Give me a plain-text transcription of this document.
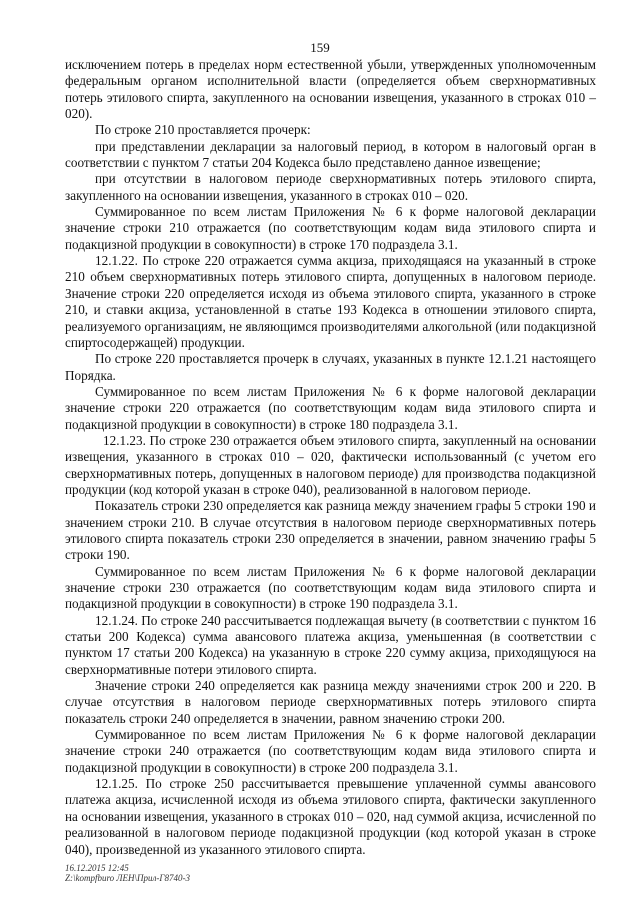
159

исключением потерь в пределах норм естественной убыли, утвержденных уполномоченным федеральным органом исполнительной власти (определяется объем сверхнормативных потерь этилового спирта, закупленного на основании извещения, указанного в строках 010 – 020).

По строке 210 проставляется прочерк:

при представлении декларации за налоговый период, в котором в налоговый орган в соответствии с пунктом 7 статьи 204 Кодекса было представлено данное извещение;

при отсутствии в налоговом периоде сверхнормативных потерь этилового спирта, закупленного на основании извещения, указанного в строках 010 – 020.

Суммированное по всем листам Приложения № 6 к форме налоговой декларации значение строки 210 отражается (по соответствующим кодам вида этилового спирта и подакцизной продукции в совокупности) в строке 170 подраздела 3.1.

12.1.22. По строке 220 отражается сумма акциза, приходящаяся на указанный в строке 210 объем сверхнормативных потерь этилового спирта, допущенных в налоговом периоде. Значение строки 220 определяется исходя из объема этилового спирта, указанного в строке 210, и ставки акциза, установленной в статье 193 Кодекса в отношении этилового спирта, реализуемого организациям, не являющимся производителями алкогольной (или подакцизной спиртосодержащей) продукции.

По строке 220 проставляется прочерк в случаях, указанных в пункте 12.1.21 настоящего Порядка.

Суммированное по всем листам Приложения № 6 к форме налоговой декларации значение строки 220 отражается (по соответствующим кодам вида этилового спирта и подакцизной продукции в совокупности) в строке 180 подраздела 3.1.

12.1.23. По строке 230 отражается объем этилового спирта, закупленный на основании извещения, указанного в строках 010 – 020, фактически использованный (с учетом его сверхнормативных потерь, допущенных в налоговом периоде) для производства подакцизной продукции (код которой указан в строке 040), реализованной в налоговом периоде.

Показатель строки 230 определяется как разница между значением графы 5 строки 190 и значением строки 210. В случае отсутствия в налоговом периоде сверхнормативных потерь этилового спирта показатель строки 230 определяется в значении, равном значению графы 5 строки 190.

Суммированное по всем листам Приложения № 6 к форме налоговой декларации значение строки 230 отражается (по соответствующим кодам вида этилового спирта и подакцизной продукции в совокупности) в строке 190 подраздела 3.1.

12.1.24. По строке 240 рассчитывается подлежащая вычету (в соответствии с пунктом 16 статьи 200 Кодекса) сумма авансового платежа акциза, уменьшенная (в соответствии с пунктом 17 статьи 200 Кодекса) на указанную в строке 220 сумму акциза, приходящуюся на сверхнормативные потери этилового спирта.

Значение строки 240 определяется как разница между значениями строк 200 и 220. В случае отсутствия в налоговом периоде сверхнормативных потерь этилового спирта показатель строки 240 определяется в значении, равном значению строки 200.

Суммированное по всем листам Приложения № 6 к форме налоговой декларации значение строки 240 отражается (по соответствующим кодам вида этилового спирта и подакцизной продукции в совокупности) в строке 200 подраздела 3.1.

12.1.25. По строке 250 рассчитывается превышение уплаченной суммы авансового платежа акциза, исчисленной исходя из объема этилового спирта, фактически закупленного на основании извещения, указанного в строках 010 – 020, над суммой акциза, исчисленной по реализованной в налоговом периоде подакцизной продукции (код которой указан в строке 040), произведенной из указанного этилового спирта.

16.12.2015 12:45
Z:\kompfburo ЛЕН\Прил-Г8740-3
